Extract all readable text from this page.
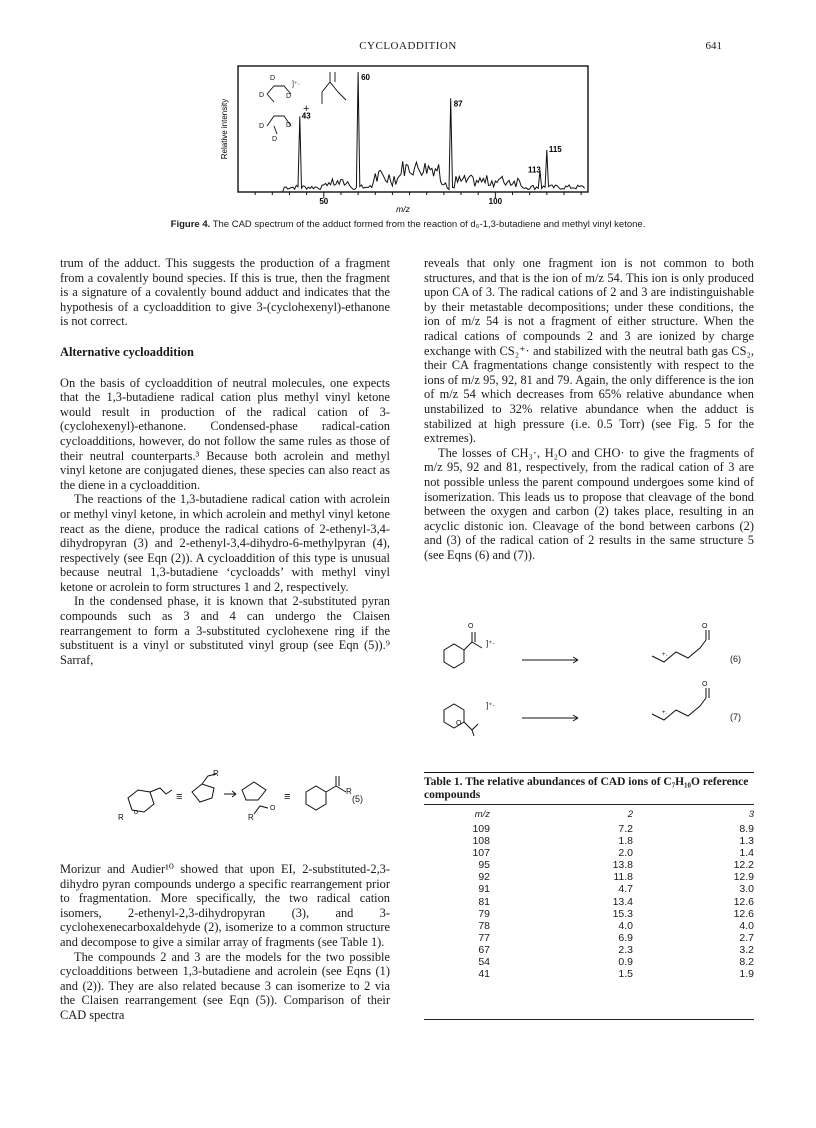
CYCLOADDITION	641
Relative intensity
50	100
60
87
43
113
115
m/z
D
D	D
]⁺·
D	D
D
+
Figure 4. The CAD spectrum of the adduct formed from the reaction of d₆-1,3-butadiene and methyl vinyl ketone.

trum of the adduct. This suggests the production of a fragment from a covalently bound species. If this is true, then the fragment is a signature of a covalently bound adduct and indicates that the hypothesis of a cycloaddition to give 3-(cyclohexenyl)-ethanone is not correct.

Alternative cycloaddition

On the basis of cycloaddition of neutral molecules, one expects that the 1,3-butadiene radical cation plus methyl vinyl ketone would result in production of the radical cation of 3-(cyclohexenyl)-ethanone. Condensed-phase radical-cation cycloadditions, however, do not follow the same rules as those of their neutral counterparts.³ Because both acrolein and methyl vinyl ketone are conjugated dienes, these species can also react as the diene in a cycloaddition.

The reactions of the 1,3-butadiene radical cation with acrolein or methyl vinyl ketone, in which acrolein and methyl vinyl ketone react as the diene, produce the radical cations of 2-ethenyl-3,4-dihydropyran (3) and 2-ethenyl-3,4-dihydro-6-methylpyran (4), respectively (see Eqn (2)). A cycloaddition of this type is unusual because neutral 1,3-butadiene ‘cycloadds’ with methyl vinyl ketone or acrolein to form structures 1 and 2, respectively.

In the condensed phase, it is known that 2-substituted pyran compounds such as 3 and 4 can undergo the Claisen rearrangement to form a 3-substituted cyclohexene ring if the substituent is a vinyl or substituted vinyl group (see Eqn (5)).⁹ Sarraf,

R
o
≡
R
R
O
≡	R
(5)

Morizur and Audier¹⁰ showed that upon EI, 2-substituted-2,3-dihydro pyran compounds undergo a specific rearrangement prior to fragmentation. More specifically, the two radical cation isomers, 2-ethenyl-2,3-dihydropyran (3), and 3-cyclohexenecarboxaldehyde (2), isomerize to a common structure and decompose to give a similar array of fragments (see Table 1).

The compounds 2 and 3 are the models for the two possible cycloadditions between 1,3-butadiene and acrolein (see Eqns (1) and (2)). They are also related because 3 can isomerize to 2 via the Claisen rearrangement (see Eqn (5)). Comparison of their CAD spectra

reveals that only one fragment ion is not common to both structures, and that is the ion of m/z 54. This ion is only produced upon CA of 3. The radical cations of 2 and 3 are indistinguishable by their metastable decompositions; under these conditions, the ion of m/z 54 is not a fragment of either structure. When the radical cations of compounds 2 and 3 are ionized by charge exchange with CS₂⁺· and stabilized with the neutral bath gas CS₂, their CA fragmentations change consistently with respect to the ions of m/z 95, 92, 81 and 79. Again, the only difference is the ion of m/z 54 which decreases from 65% relative abundance when unstabilized to 32% relative abundance when the adduct is stabilized at high pressure (i.e. 0.5 Torr) (see Fig. 5 for the extremes).

The losses of CH₃·, H₂O and CHO· to give the fragments of m/z 95, 92 and 81, respectively, from the radical cation of 3 are not possible unless the parent compound undergoes some kind of isomerization. This leads us to propose that cleavage of the bond between the oxygen and carbon (2) takes place, resulting in an acyclic distonic ion. Cleavage of the bond between carbons (2) and (3) of the radical cation of 2 results in the same structure 5 (see Eqns (6) and (7)).

O
]⁺·
O
+.
O
]⁺·
O
+.
(6)
(7)
Table 1. The relative abundances of CAD ions of C₇H₁₀O reference compounds
m/z	2	3
109	7.2	8.9
108	1.8	1.3
107	2.0	1.4
95	13.8	12.2
92	11.8	12.9
91	4.7	3.0
81	13.4	12.6
79	15.3	12.6
78	4.0	4.0
77	6.9	2.7
67	2.3	3.2
54	0.9	8.2
41	1.5	1.9
